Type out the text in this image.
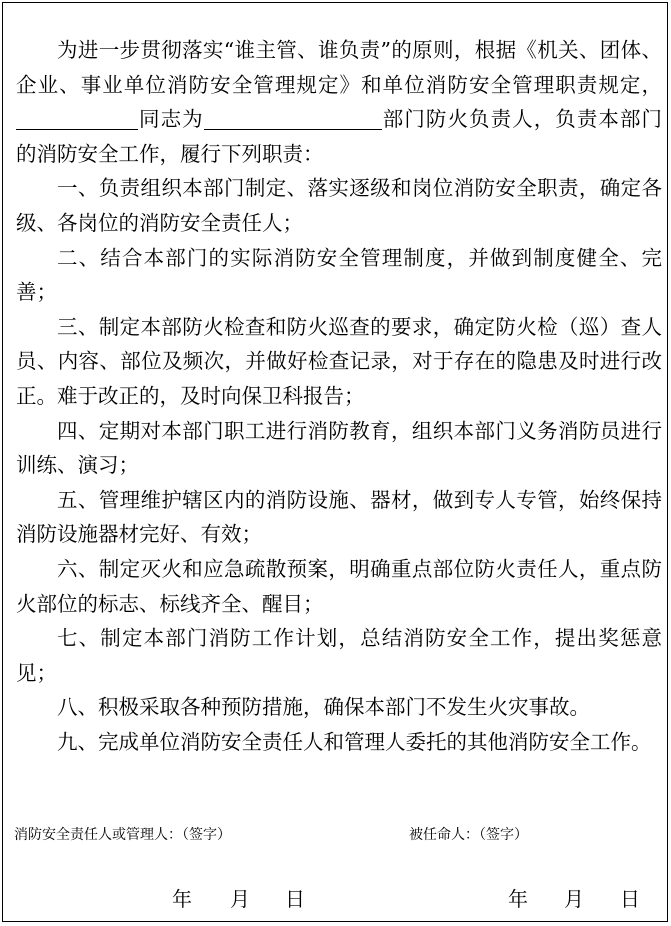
为进一步贯彻落实“谁主管、谁负责”的原则，根据《机关、团体、企业、事业单位消防安全管理规定》和单位消防安全管理职责规定，同志为	部门防火负责人，负责本部门的消防安全工作，履行下列职责：

一、负责组织本部门制定、落实逐级和岗位消防安全职责，确定各级、各岗位的消防安全责任人；

二、结合本部门的实际消防安全管理制度，并做到制度健全、完善；

三、制定本部防火检查和防火巡查的要求，确定防火检（巡）查人员、内容、部位及频次，并做好检查记录，对于存在的隐患及时进行改正。难于改正的，及时向保卫科报告；

四、定期对本部门职工进行消防教育，组织本部门义务消防员进行训练、演习；

五、管理维护辖区内的消防设施、器材，做到专人专管，始终保持消防设施器材完好、有效；

六、制定灭火和应急疏散预案，明确重点部位防火责任人，重点防火部位的标志、标线齐全、醒目；

七、制定本部门消防工作计划，总结消防安全工作，提出奖惩意见；

八、积极采取各种预防措施，确保本部门不发生火灾事故。

九、完成单位消防安全责任人和管理人委托的其他消防安全工作。

消防安全责任人或管理人：（签字）	被任命人：（签字）
年 月 日	年 月 日
